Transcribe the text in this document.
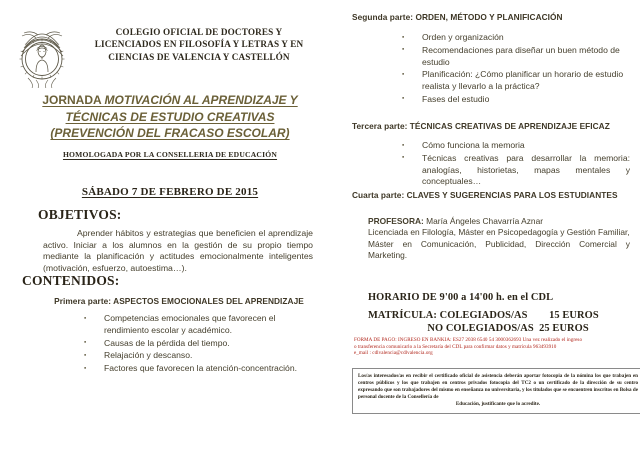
COLEGIO OFICIAL DE DOCTORES Y
LICENCIADOS EN FILOSOFÍA Y LETRAS Y EN
CIENCIAS DE VALENCIA Y CASTELLÓN
JORNADA MOTIVACIÓN AL APRENDIZAJE Y
TÉCNICAS DE ESTUDIO CREATIVAS
(PREVENCIÓN DEL FRACASO ESCOLAR)
HOMOLOGADA POR LA CONSELLERIA DE EDUCACIÓN
SÁBADO 7 DE FEBRERO DE 2015
OBJETIVOS:
Aprender hábitos y estrategias que beneficien el aprendizaje activo. Iniciar a los alumnos en la gestión de su propio tiempo mediante la planificación y actitudes emocionalmente inteligentes (motivación, esfuerzo, autoestima…).
CONTENIDOS:
Primera parte: ASPECTOS EMOCIONALES DEL APRENDIZAJE
▪ Competencias emocionales que favorecen el rendimiento escolar y académico.
▪ Causas de la pérdida del tiempo.
▪ Relajación y descanso.
▪ Factores que favorecen la atención-concentración.
Segunda parte: ORDEN, MÉTODO Y PLANIFICACIÓN
▪ Orden y organización
▪ Recomendaciones para diseñar un buen método de estudio
▪ Planificación: ¿Cómo planificar un horario de estudio realista y llevarlo a la práctica?
▪ Fases del estudio
Tercera parte: TÉCNICAS CREATIVAS DE APRENDIZAJE EFICAZ
▪ Cómo funciona la memoria
▪ Técnicas creativas para desarrollar la memoria: analogías, historietas, mapas mentales y conceptuales…
Cuarta parte: CLAVES Y SUGERENCIAS PARA LOS ESTUDIANTES
PROFESORA: María Ángeles Chavarría Aznar
Licenciada en Filología, Máster en Psicopedagogía y Gestión Familiar,
Máster en Comunicación, Publicidad, Dirección Comercial y Marketing.
HORARIO DE 9'00 a 14'00 h. en el CDL
MATRÍCULA: COLEGIADOS/AS        15 EUROS
NO COLEGIADOS/AS  25 EUROS
FORMA DE PAGO: INGRESO EN BANKIA: ES27 2038 6540 54 3000362693 Una vez realizado el ingreso
o transferencia comunicarlo a la Secretaría del CDL para confirmar datos y matrícula 963493910
e_mail : cdlvalencia@cdlvalencia.org
Los/as interesados/as en recibir el certificado oficial de asistencia deberán aportar fotocopia de la nómina los que trabajen en centros públicos y los que trabajen en centros privados fotocopia del TC2 o un certificado de la dirección de su centro expresando que son trabajadores del mismo en enseñanza no universitaria, y los titulados que se encuentren inscritos en Bolsa de personal docente de la Consellería de
Educación, justificante que lo acredite.
